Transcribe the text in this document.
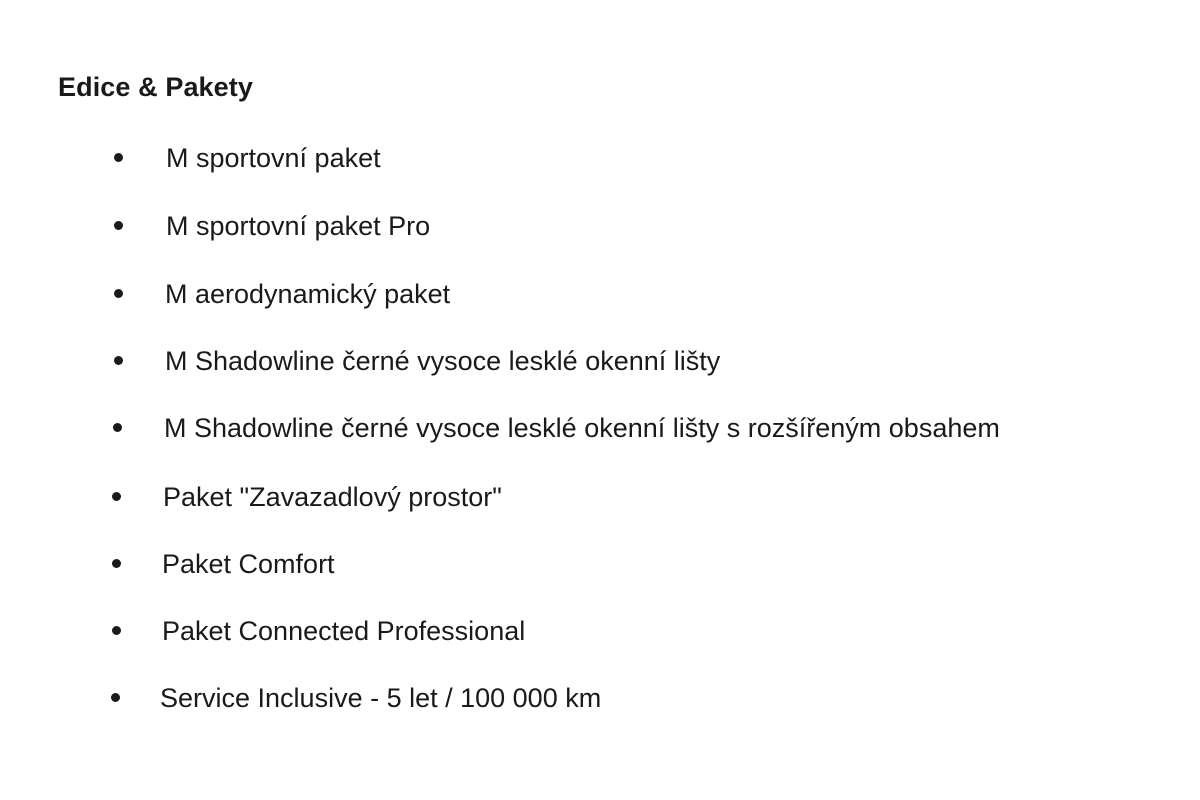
Edice & Pakety
M sportovní paket
M sportovní paket Pro
M aerodynamický paket
M Shadowline černé vysoce lesklé okenní lišty
M Shadowline černé vysoce lesklé okenní lišty s rozšířeným obsahem
Paket "Zavazadlový prostor"
Paket Comfort
Paket Connected Professional
Service Inclusive - 5 let / 100 000 km
